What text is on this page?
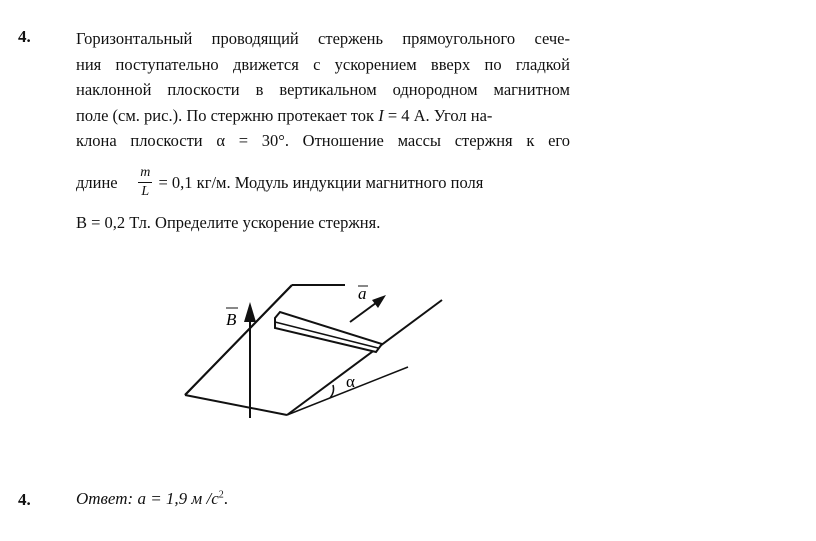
4.	Горизонтальный проводящий стержень прямоугольного сече-
ния поступательно движется с ускорением вверх по гладкой
наклонной плоскости в вертикальном однородном магнитном
поле (см. рис.). По стержню протекает ток I = 4 А. Угол на-
клона плоскости α = 30°. Отношение массы стержня к его
длине $\frac{m}{L} = 0,1$ кг/м. Модуль индукции магнитного поля
B = 0,2 Тл. Определите ускорение стержня.
B
a
α
4.	Ответ: a = 1,9 м $/с^2$.
